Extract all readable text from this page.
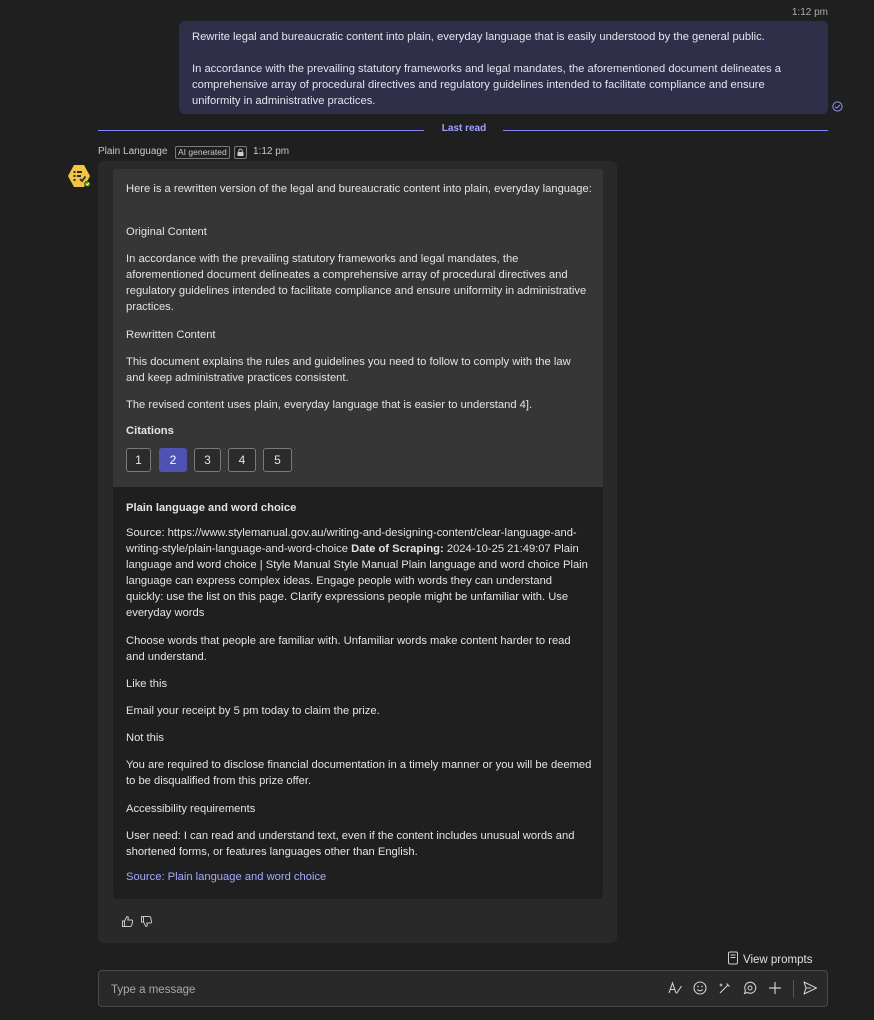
1:12 pm

Rewrite legal and bureaucratic content into plain, everyday language that is easily understood by the general public.

In accordance with the prevailing statutory frameworks and legal mandates, the aforementioned document delineates a comprehensive array of procedural directives and regulatory guidelines intended to facilitate compliance and ensure uniformity in administrative practices.

Last read
Plain Language	AI generated	1:12 pm
Here is a rewritten version of the legal and bureaucratic content into plain, everyday language:
Original Content
In accordance with the prevailing statutory frameworks and legal mandates, the aforementioned document delineates a comprehensive array of procedural directives and regulatory guidelines intended to facilitate compliance and ensure uniformity in administrative practices.
Rewritten Content
This document explains the rules and guidelines you need to follow to comply with the law and keep administrative practices consistent.
The revised content uses plain, everyday language that is easier to understand 4].
Citations
1	2	3	4	5
Plain language and word choice
Source: https://www.stylemanual.gov.au/writing-and-designing-content/clear-language-and-writing-style/plain-language-and-word-choice Date of Scraping: 2024-10-25 21:49:07 Plain language and word choice | Style Manual Style Manual Plain language and word choice Plain language can express complex ideas. Engage people with words they can understand quickly: use the list on this page. Clarify expressions people might be unfamiliar with. Use everyday words
Choose words that people are familiar with. Unfamiliar words make content harder to read and understand.
Like this
Email your receipt by 5 pm today to claim the prize.
Not this
You are required to disclose financial documentation in a timely manner or you will be deemed to be disqualified from this prize offer.
Accessibility requirements
User need: I can read and understand text, even if the content includes unusual words and shortened forms, or features languages other than English.
Source: Plain language and word choice
View prompts
Type a message
